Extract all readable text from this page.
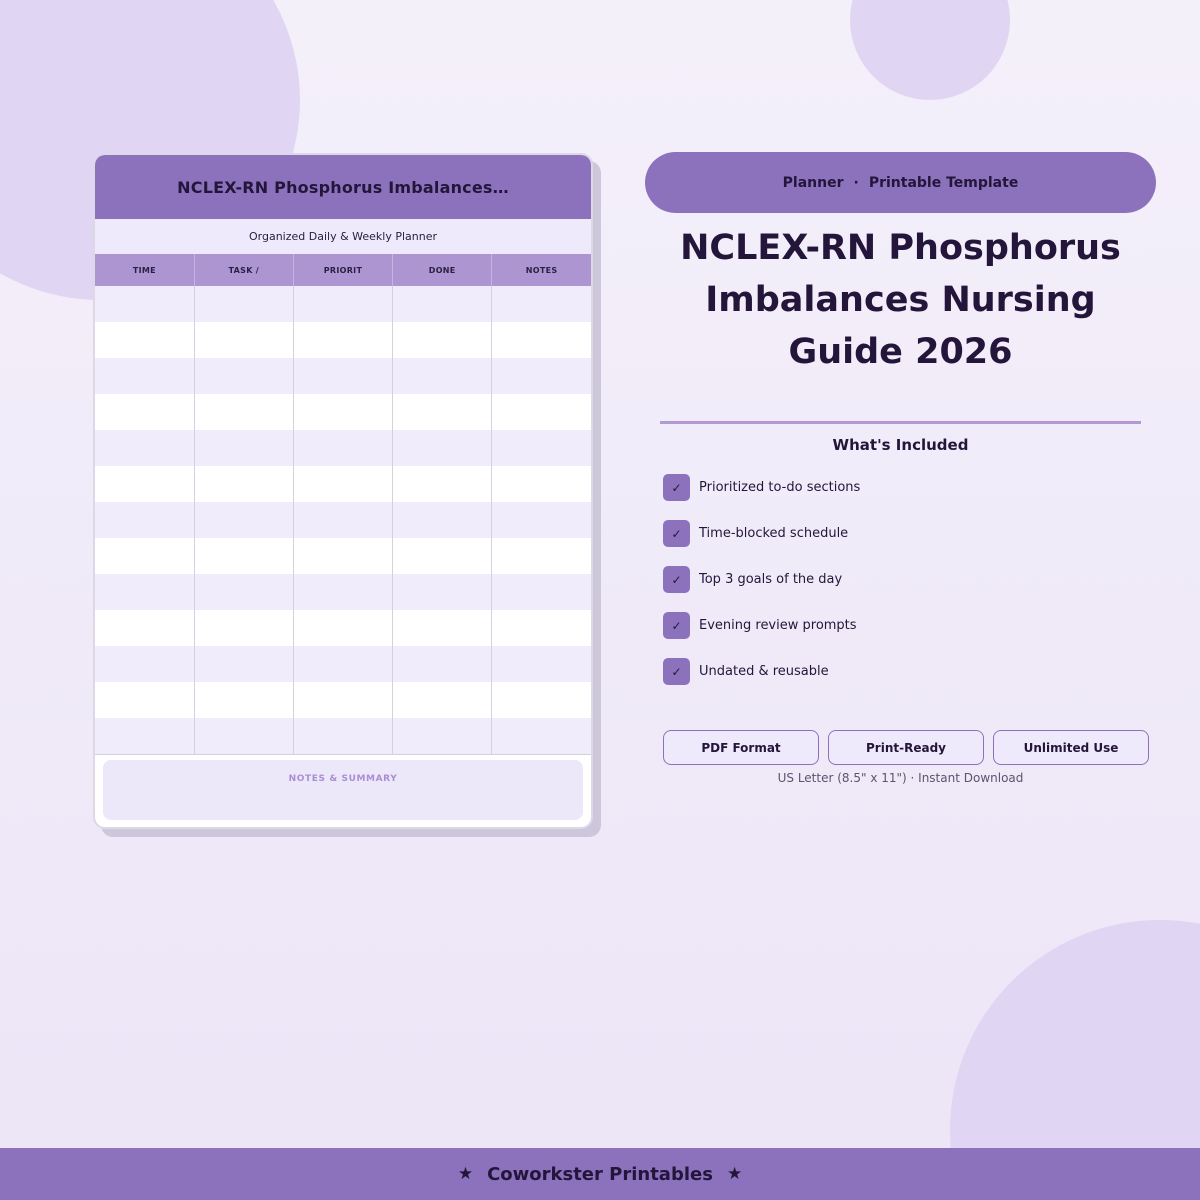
NCLEX-RN Phosphorus Imbalances…
Organized Daily & Weekly Planner
TIME	TASK /	PRIORIT	DONE	NOTES

NOTES & SUMMARY
Planner · Printable Template
NCLEX-RN Phosphorus
Imbalances Nursing
Guide 2026
What's Included
✓	Prioritized to-do sections
✓	Time-blocked schedule
✓	Top 3 goals of the day
✓	Evening review prompts
✓	Undated & reusable
PDF Format	Print-Ready	Unlimited Use
US Letter (8.5" x 11") · Instant Download
★ Coworkster Printables ★
